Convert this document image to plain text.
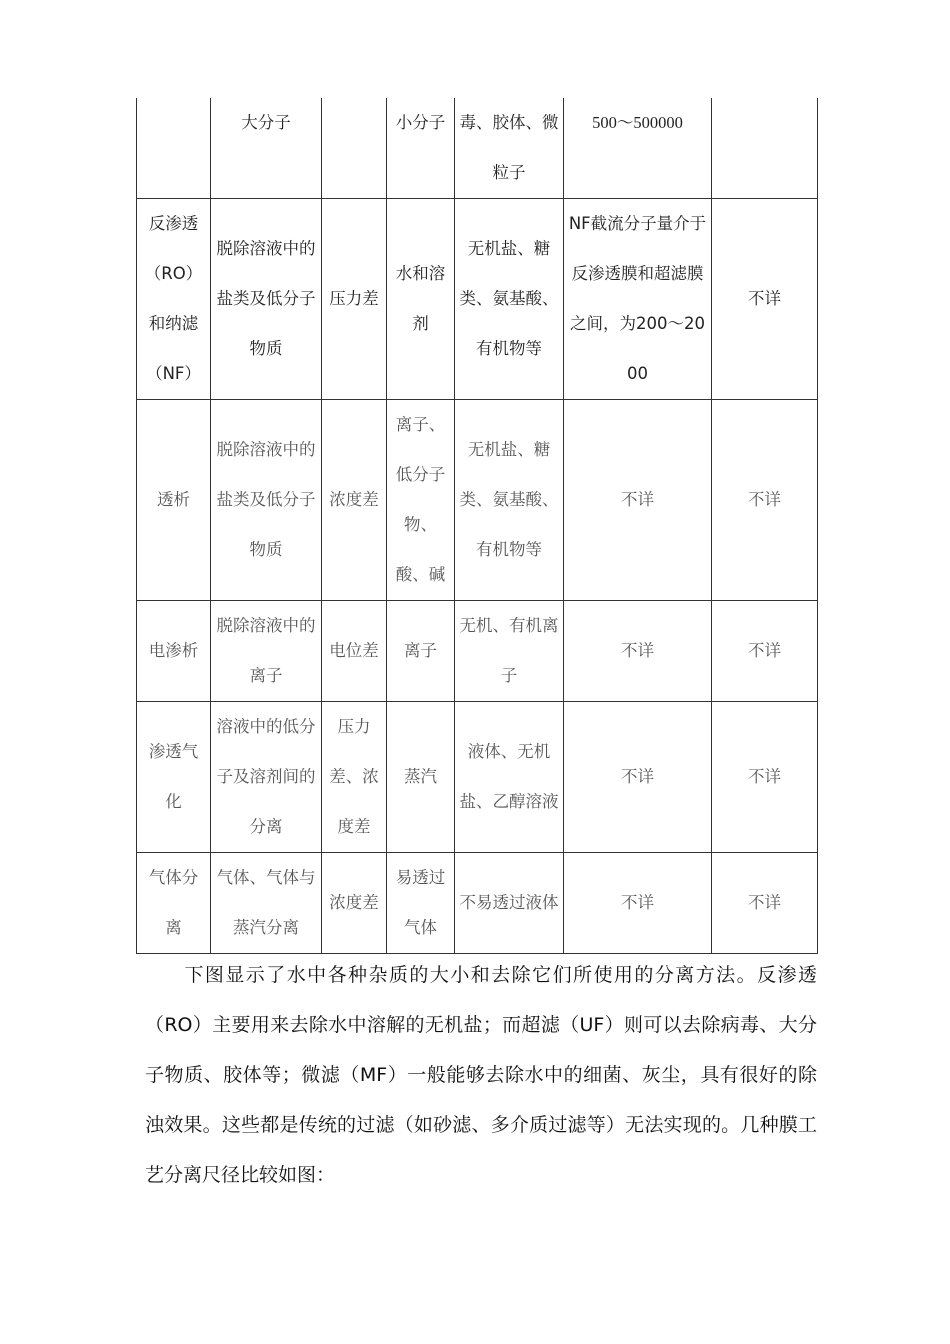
	大分子		小分子	毒、胶体、微粒子	500～500000	
反渗透（RO）和纳滤（NF）	脱除溶液中的盐类及低分子物质	压力差	水和溶剂	无机盐、糖类、氨基酸、有机物等	NF截流分子量介于反渗透膜和超滤膜之间，为200～2000	不详
透析	脱除溶液中的盐类及低分子物质	浓度差	离子、低分子物、酸、碱	无机盐、糖类、氨基酸、有机物等	不详	不详
电渗析	脱除溶液中的离子	电位差	离子	无机、有机离子	不详	不详
渗透气化	溶液中的低分子及溶剂间的分离	压力差、浓度差	蒸汽	液体、无机盐、乙醇溶液	不详	不详
气体分离	气体、气体与蒸汽分离	浓度差	易透过气体	不易透过液体	不详	不详
下图显示了水中各种杂质的大小和去除它们所使用的分离方法。反渗透（RO）主要用来去除水中溶解的无机盐；而超滤（UF）则可以去除病毒、大分子物质、胶体等；微滤（MF）一般能够去除水中的细菌、灰尘，具有很好的除浊效果。这些都是传统的过滤（如砂滤、多介质过滤等）无法实现的。几种膜工艺分离尺径比较如图：
